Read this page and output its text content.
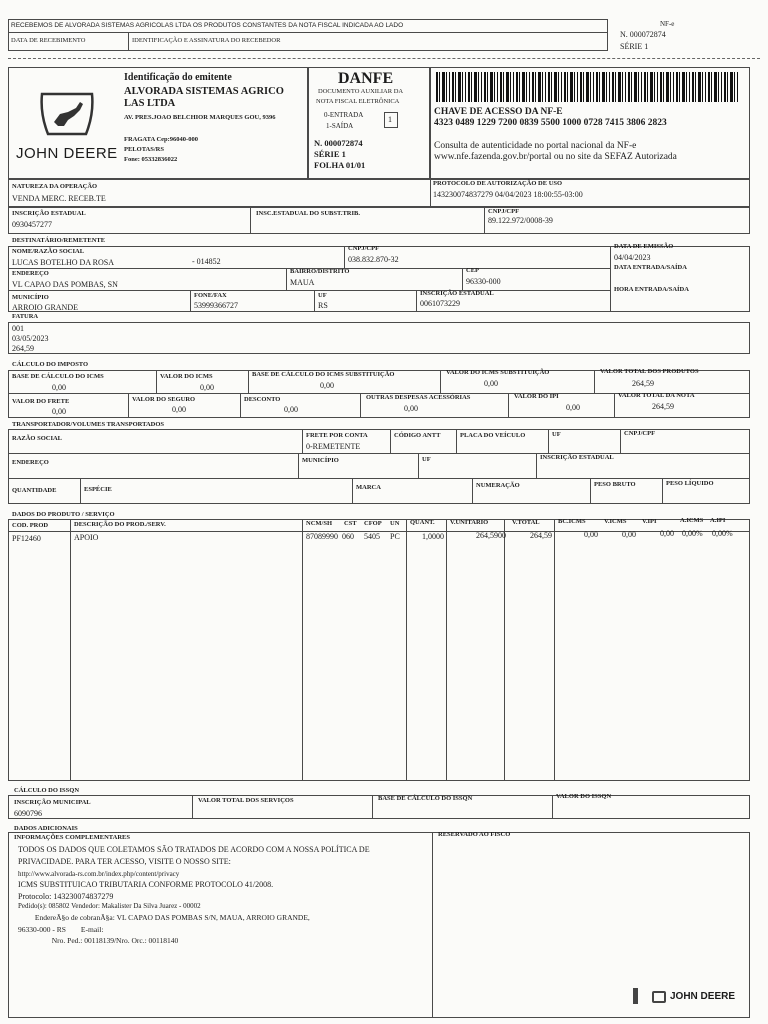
RECEBEMOS DE ALVORADA SISTEMAS AGRICOLAS LTDA OS PRODUTOS CONSTANTES DA NOTA FISCAL INDICADA AO LADO
DATA DE RECEBIMENTO	IDENTIFICAÇÃO E ASSINATURA DO RECEBEDOR
NF-e
N. 000072874
SÉRIE 1
JOHN DEERE
Identificação do emitente
ALVORADA SISTEMAS AGRICO
LAS LTDA
AV. PRES.JOAO BELCHIOR MARQUES GOU, 9396
FRAGATA Cep:96040-000
PELOTAS/RS
Fone: 05332836022
DANFE
DOCUMENTO AUXILIAR DA
NOTA FISCAL ELETRÔNICA
0-ENTRADA
1-SAÍDA
1
N. 000072874
SÉRIE 1
FOLHA 01/01
CHAVE DE ACESSO DA NF-E
4323 0489 1229 7200 0839 5500 1000 0728 7415 3806 2823
Consulta de autenticidade no portal nacional da NF-e
www.nfe.fazenda.gov.br/portal ou no site da SEFAZ Autorizada
NATUREZA DA OPERAÇÃO
VENDA MERC. RECEB.TE
PROTOCOLO DE AUTORIZAÇÃO DE USO
143230074837279 04/04/2023 18:00:55-03:00
INSCRIÇÃO ESTADUAL
0930457277
INSC.ESTADUAL DO SUBST.TRIB.	CNPJ/CPF
89.122.972/0008-39
DESTINATÁRIO/REMETENTE
NOME/RAZÃO SOCIAL
LUCAS BOTELHO DA ROSA	- 014852
CNPJ/CPF
038.832.870-32
DATA DE EMISSÃO
04/04/2023
DATA ENTRADA/SAÍDA
ENDEREÇO
VL CAPAO DAS POMBAS, SN
BAIRRO/DISTRITO
MAUA
CEP
96330-000
HORA ENTRADA/SAÍDA
MUNICÍPIO
ARROIO GRANDE
FONE/FAX
53999366727
UF
RS
INSCRIÇÃO ESTADUAL
0061073229
FATURA
001
03/05/2023
264,59
CÁLCULO DO IMPOSTO
BASE DE CÁLCULO DO ICMS
0,00
VALOR DO ICMS
0,00
BASE DE CÁLCULO DO ICMS SUBSTITUIÇÃO
0,00
VALOR DO ICMS SUBSTITUIÇÃO
0,00
VALOR TOTAL DOS PRODUTOS
264,59
VALOR DO FRETE
0,00
VALOR DO SEGURO
0,00
DESCONTO
0,00
OUTRAS DESPESAS ACESSÓRIAS
0,00
VALOR DO IPI
0,00
VALOR TOTAL DA NOTA
264,59
TRANSPORTADOR/VOLUMES TRANSPORTADOS
RAZÃO SOCIAL	FRETE POR CONTA
0-REMETENTE
CÓDIGO ANTT	PLACA DO VEÍCULO	UF	CNPJ/CPF
ENDEREÇO	MUNICÍPIO	UF	INSCRIÇÃO ESTADUAL
QUANTIDADE	ESPÉCIE	MARCA	NUMERAÇÃO	PESO BRUTO	PESO LÍQUIDO
DADOS DO PRODUTO / SERVIÇO
COD. PROD	DESCRIÇÃO DO PROD./SERV.	NCM/SH CST CFOP UN QUANT. V.UNITARIO	V.TOTAL	BC.ICMS	V.ICMS V.IPI	A.ICMS A.IPI
PF12460	APOIO	87089990 060 5405 PC	1,0000	264,5900	264,59	0,00	0,00	0,00 0,00% 0,00%
CÁLCULO DO ISSQN
INSCRIÇÃO MUNICIPAL
6090796
VALOR TOTAL DOS SERVIÇOS	BASE DE CÁLCULO DO ISSQN	VALOR DO ISSQN
DADOS ADICIONAIS
INFORMAÇÕES COMPLEMENTARES	RESERVADO AO FISCO
TODOS OS DADOS QUE COLETAMOS SÃO TRATADOS DE ACORDO COM A NOSSA POLÍTICA DE
PRIVACIDADE. PARA TER ACESSO, VISITE O NOSSO SITE:
http://www.alvorada-rs.com.br/index.php/content/privacy
ICMS SUBSTITUICAO TRIBUTARIA CONFORME PROTOCOLO 41/2008.
Protocolo: 143230074837279
Pedido(s): 085802 Vendedor: Makalister Da Silva Juarez - 00002
EndereÃ§o de cobranÃ§a: VL CAPAO DAS POMBAS S/N, MAUA, ARROIO GRANDE,
96330-000 - RS        E-mail:
Nro. Ped.: 00118139/Nro. Orc.: 00118140
JOHN DEERE
